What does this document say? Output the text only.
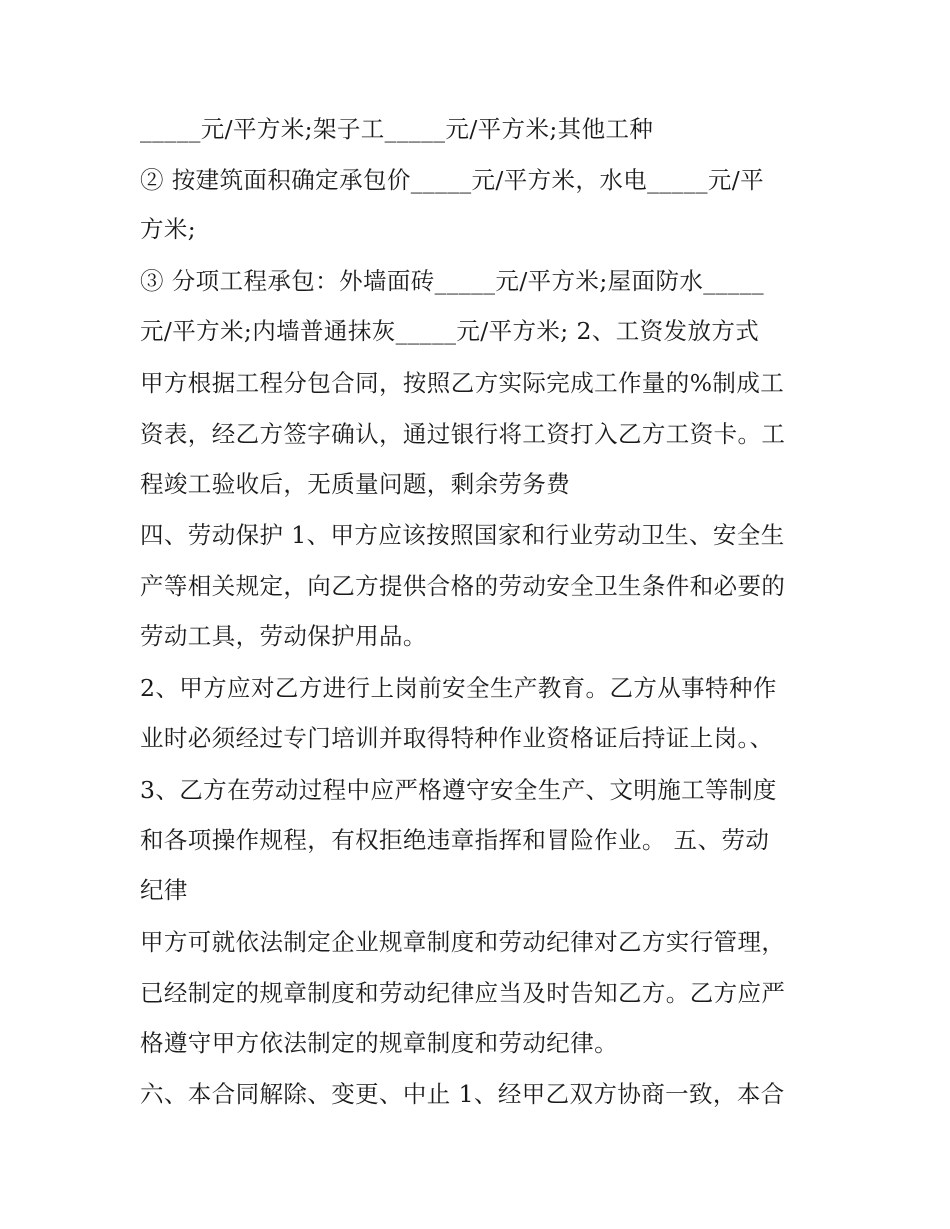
_____元/平方米;架子工_____元/平方米;其他工种

② 按建筑面积确定承包价_____元/平方米，水电_____元/平

方米;

③ 分项工程承包：外墙面砖_____元/平方米;屋面防水_____

元/平方米;内墙普通抹灰_____元/平方米; 2、工资发放方式

甲方根据工程分包合同，按照乙方实际完成工作量的%制成工

资表，经乙方签字确认，通过银行将工资打入乙方工资卡。工

程竣工验收后，无质量问题，剩余劳务费

四、劳动保护 1、甲方应该按照国家和行业劳动卫生、安全生

产等相关规定，向乙方提供合格的劳动安全卫生条件和必要的

劳动工具，劳动保护用品。

2、甲方应对乙方进行上岗前安全生产教育。乙方从事特种作

业时必须经过专门培训并取得特种作业资格证后持证上岗。、

3、乙方在劳动过程中应严格遵守安全生产、文明施工等制度

和各项操作规程，有权拒绝违章指挥和冒险作业。 五、劳动

纪律

甲方可就依法制定企业规章制度和劳动纪律对乙方实行管理，

已经制定的规章制度和劳动纪律应当及时告知乙方。乙方应严

格遵守甲方依法制定的规章制度和劳动纪律。

六、本合同解除、变更、中止 1、经甲乙双方协商一致，本合
